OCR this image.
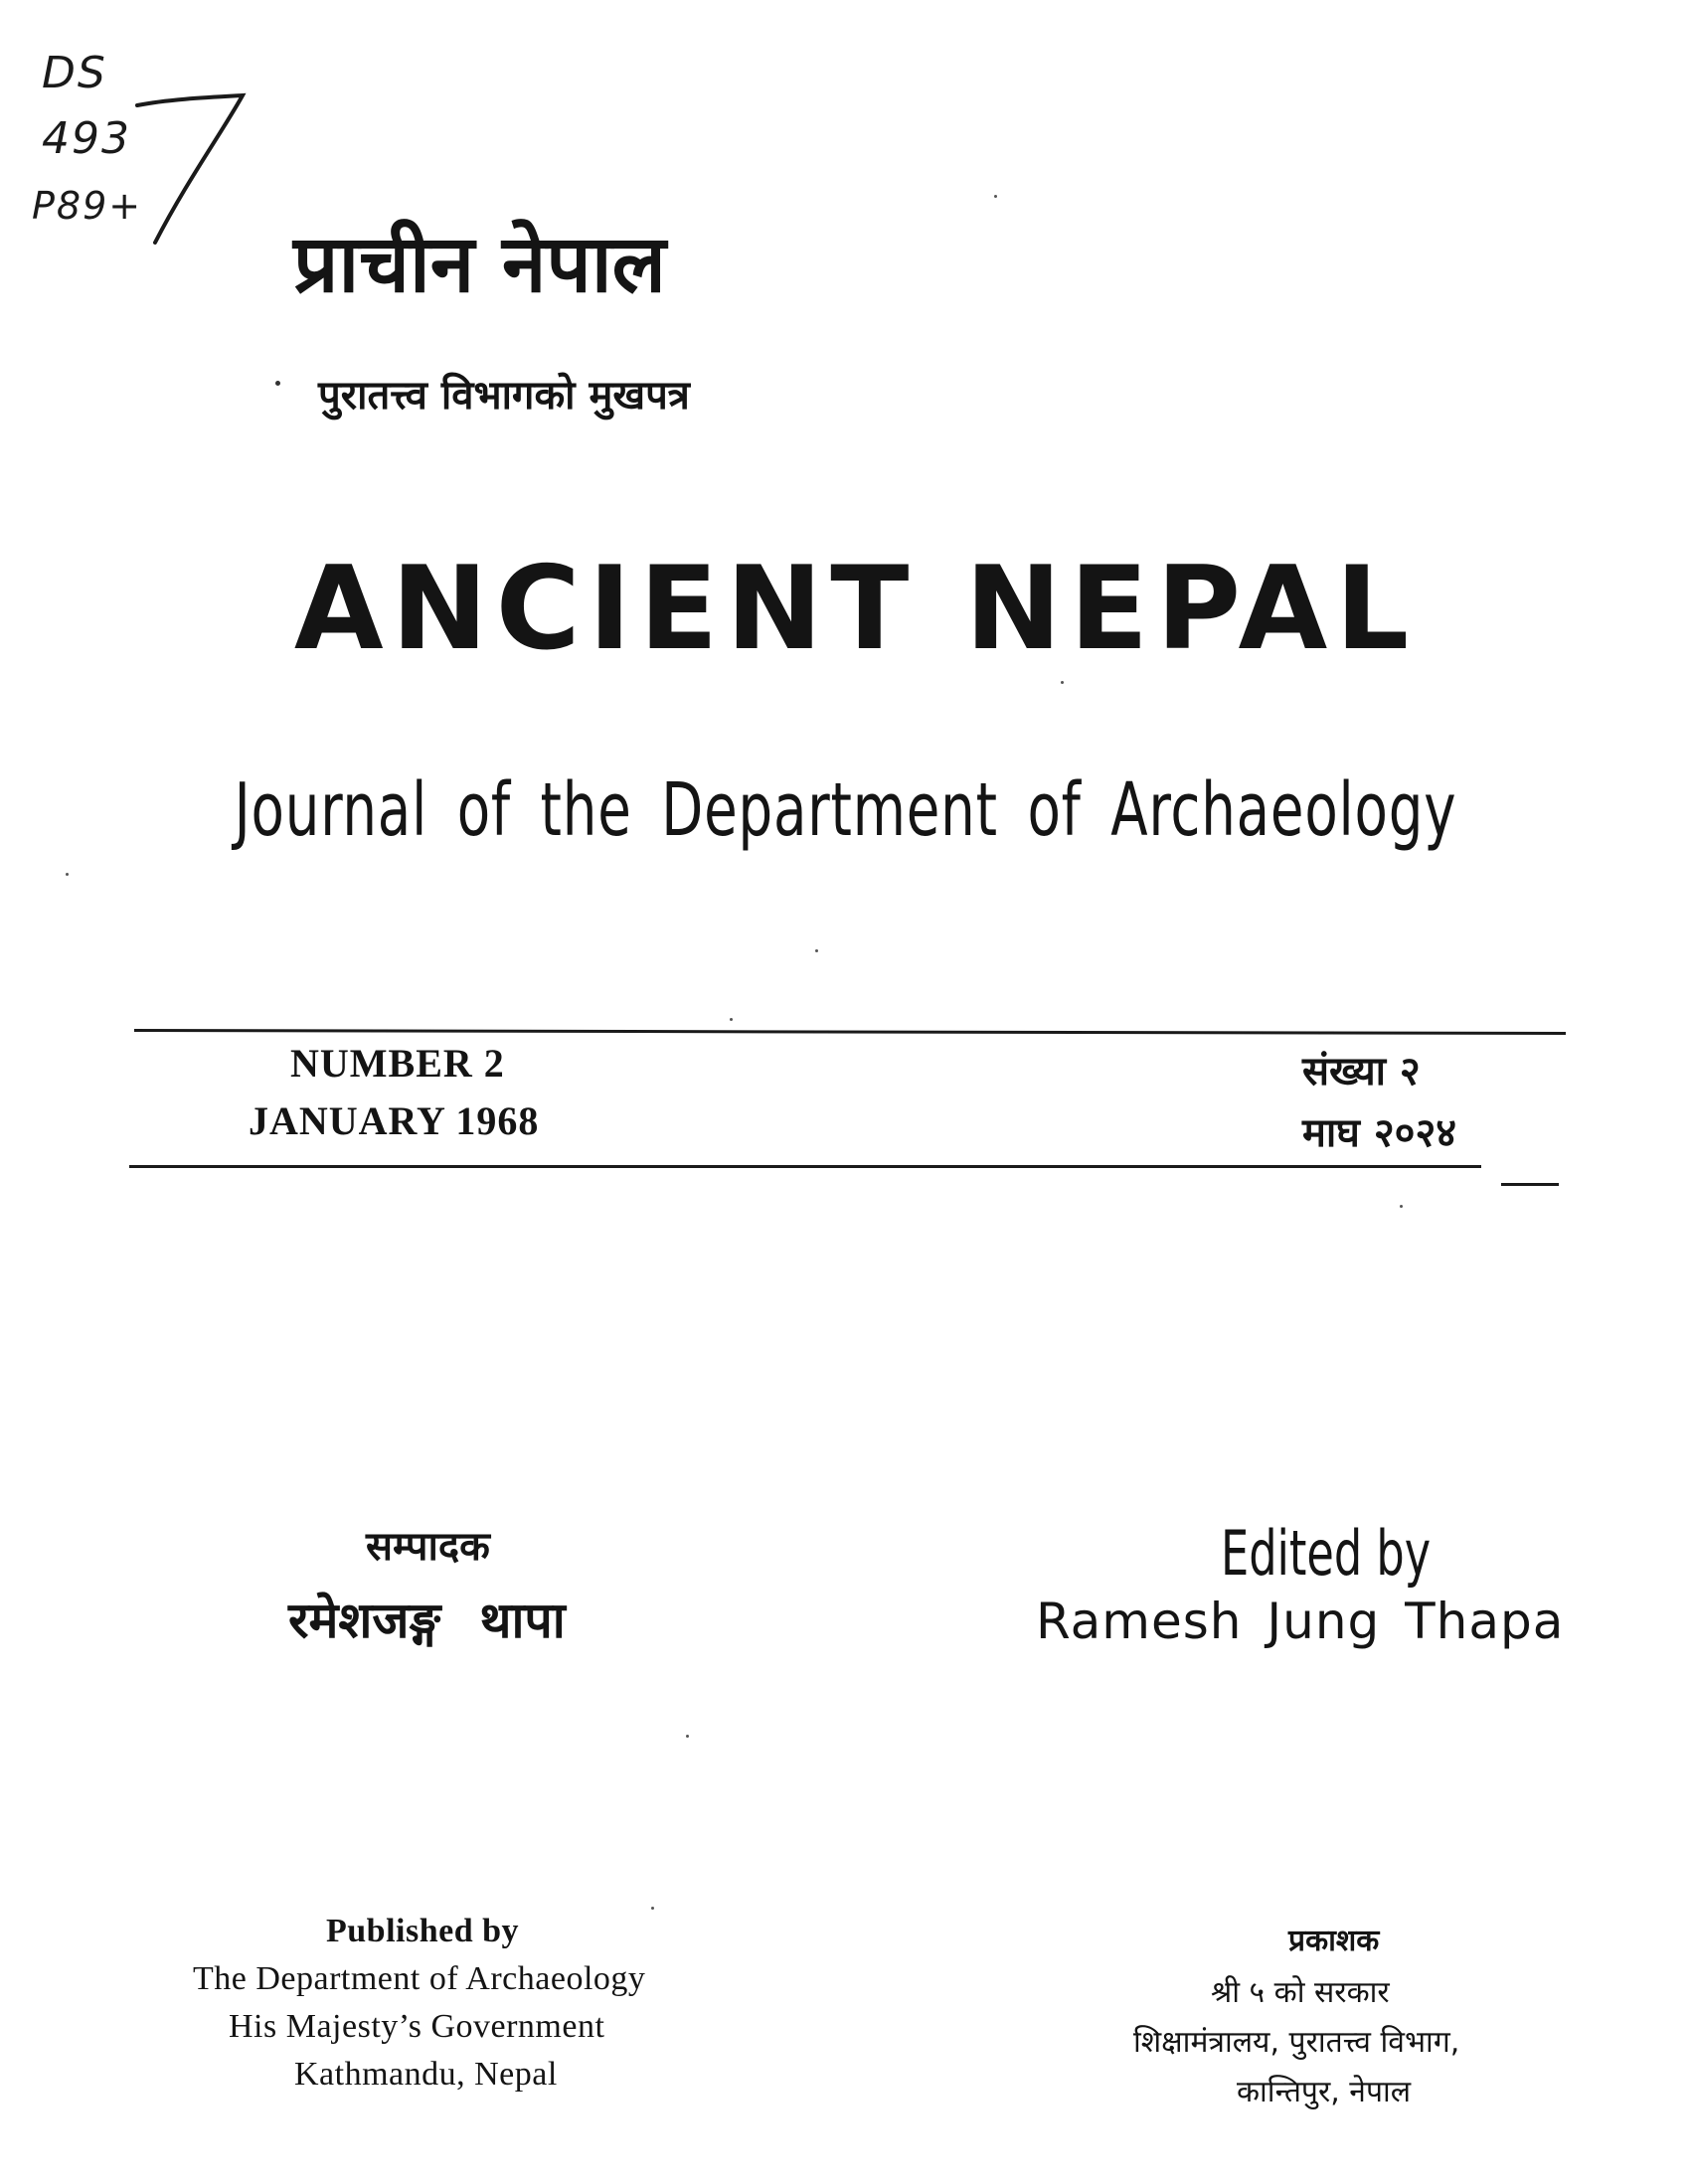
DS
493
P89+
प्राचीन नेपाल
पुरातत्त्व विभागको मुखपत्र
ANCIENT NEPAL
Journal of the Department of Archaeology
NUMBER 2
JANUARY 1968
संख्या २
माघ २०२४
सम्पादक
रमेशजङ्ग थापा
Edited by
Ramesh Jung Thapa
Published by
The Department of Archaeology
His Majesty’s Government
Kathmandu, Nepal
प्रकाशक
श्री ५ को सरकार
शिक्षामंत्रालय, पुरातत्त्व विभाग,
कान्तिपुर, नेपाल
